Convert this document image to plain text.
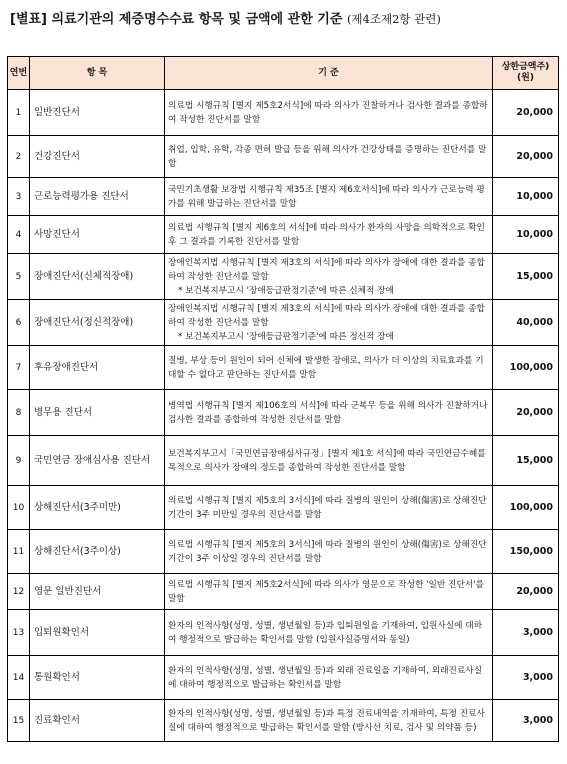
[별표] 의료기관의 제증명수수료 항목 및 금액에 관한 기준 (제4조제2항 관련)
연번	항 목	기 준	상한금액주)(원)
1	일반진단서	의료법 시행규칙 [별지 제5호2서식]에 따라 의사가 진찰하거나 검사한 결과를 종합하여 작성한 진단서를 말함	20,000
2	건강진단서	취업, 입학, 유학, 각종 면허 발급 등을 위해 의사가 건강상태를 증명하는 진단서를 말함	20,000
3	근로능력평가용 진단서	국민기초생활 보장법 시행규칙 제35조 [별지 제6호서식]에 따라 의사가 근로능력 평가를 위해 발급하는 진단서를 말함	10,000
4	사망진단서	의료법 시행규칙 [별지 제6호의 서식]에 따라 의사가 환자의 사망을 의학적으로 확인 후 그 결과를 기록한 진단서를 말함	10,000
5	장애진단서(신체적장애)	장애인복지법 시행규칙 [별지 제3호의 서식]에 따라 의사가 장애에 대한 결과를 종합하여 작성한 진단서를 말함
* 보건복지부고시 '장애등급판정기준'에 따른 신체적 장애	15,000
6	장애진단서(정신적장애)	장애인복지법 시행규칙 [별지 제3호의 서식]에 따라 의사가 장애에 대한 결과를 종합하여 작성한 진단서를 말함
* 보건복지부고시 '장애등급판정기준'에 따른 정신적 장애	40,000
7	후유장애진단서	질병, 부상 등이 원인이 되어 신체에 발생한 장애로, 의사가 더 이상의 치료효과를 기대할 수 없다고 판단하는 진단서를 말함	100,000
8	병무용 진단서	병역법 시행규칙 [별지 제106호의 서식]에 따라 군복무 등을 위해 의사가 진찰하거나 검사한 결과를 종합하여 작성한 진단서를 말함	20,000
9	국민연금 장애심사용 진단서	보건복지부고시「국민연금장애심사규정」[별지 제1호 서식]에 따라 국민연금수혜를 목적으로 의사가 장애의 정도를 종합하여 작성한 진단서를 말함	15,000
10	상해진단서(3주미만)	의료법 시행규칙 [별지 제5호의 3서식]에 따라 질병의 원인이 상해(傷害)로 상해진단기간이 3주 미만일 경우의 진단서를 말함	100,000
11	상해진단서(3주이상)	의료법 시행규칙 [별지 제5호의 3서식]에 따라 질병의 원인이 상해(傷害)로 상해진단기간이 3주 이상일 경우의 진단서를 말함	150,000
12	영문 일반진단서	의료법 시행규칙 [별지 제5호2서식]에 따라 의사가 영문으로 작성한 '일반 진단서'를 말함	20,000
13	입퇴원확인서	환자의 인적사항(성명, 성별, 생년월일 등)과 입퇴원일을 기재하여, 입원사실에 대하여 행정적으로 발급하는 확인서를 말함 (입원사실증명서와 동일)	3,000
14	통원확인서	환자의 인적사항(성명, 성별, 생년월일 등)과 외래 진료일을 기재하여, 외래진료사실에 대하여 행정적으로 발급하는 확인서를 말함	3,000
15	진료확인서	환자의 인적사항(성명, 성별, 생년월일 등)과 특정 진료내역을 기재하여, 특정 진료사실에 대하여 행정적으로 발급하는 확인서를 말함 (방사선 치료, 검사 및 의약품 등)	3,000
